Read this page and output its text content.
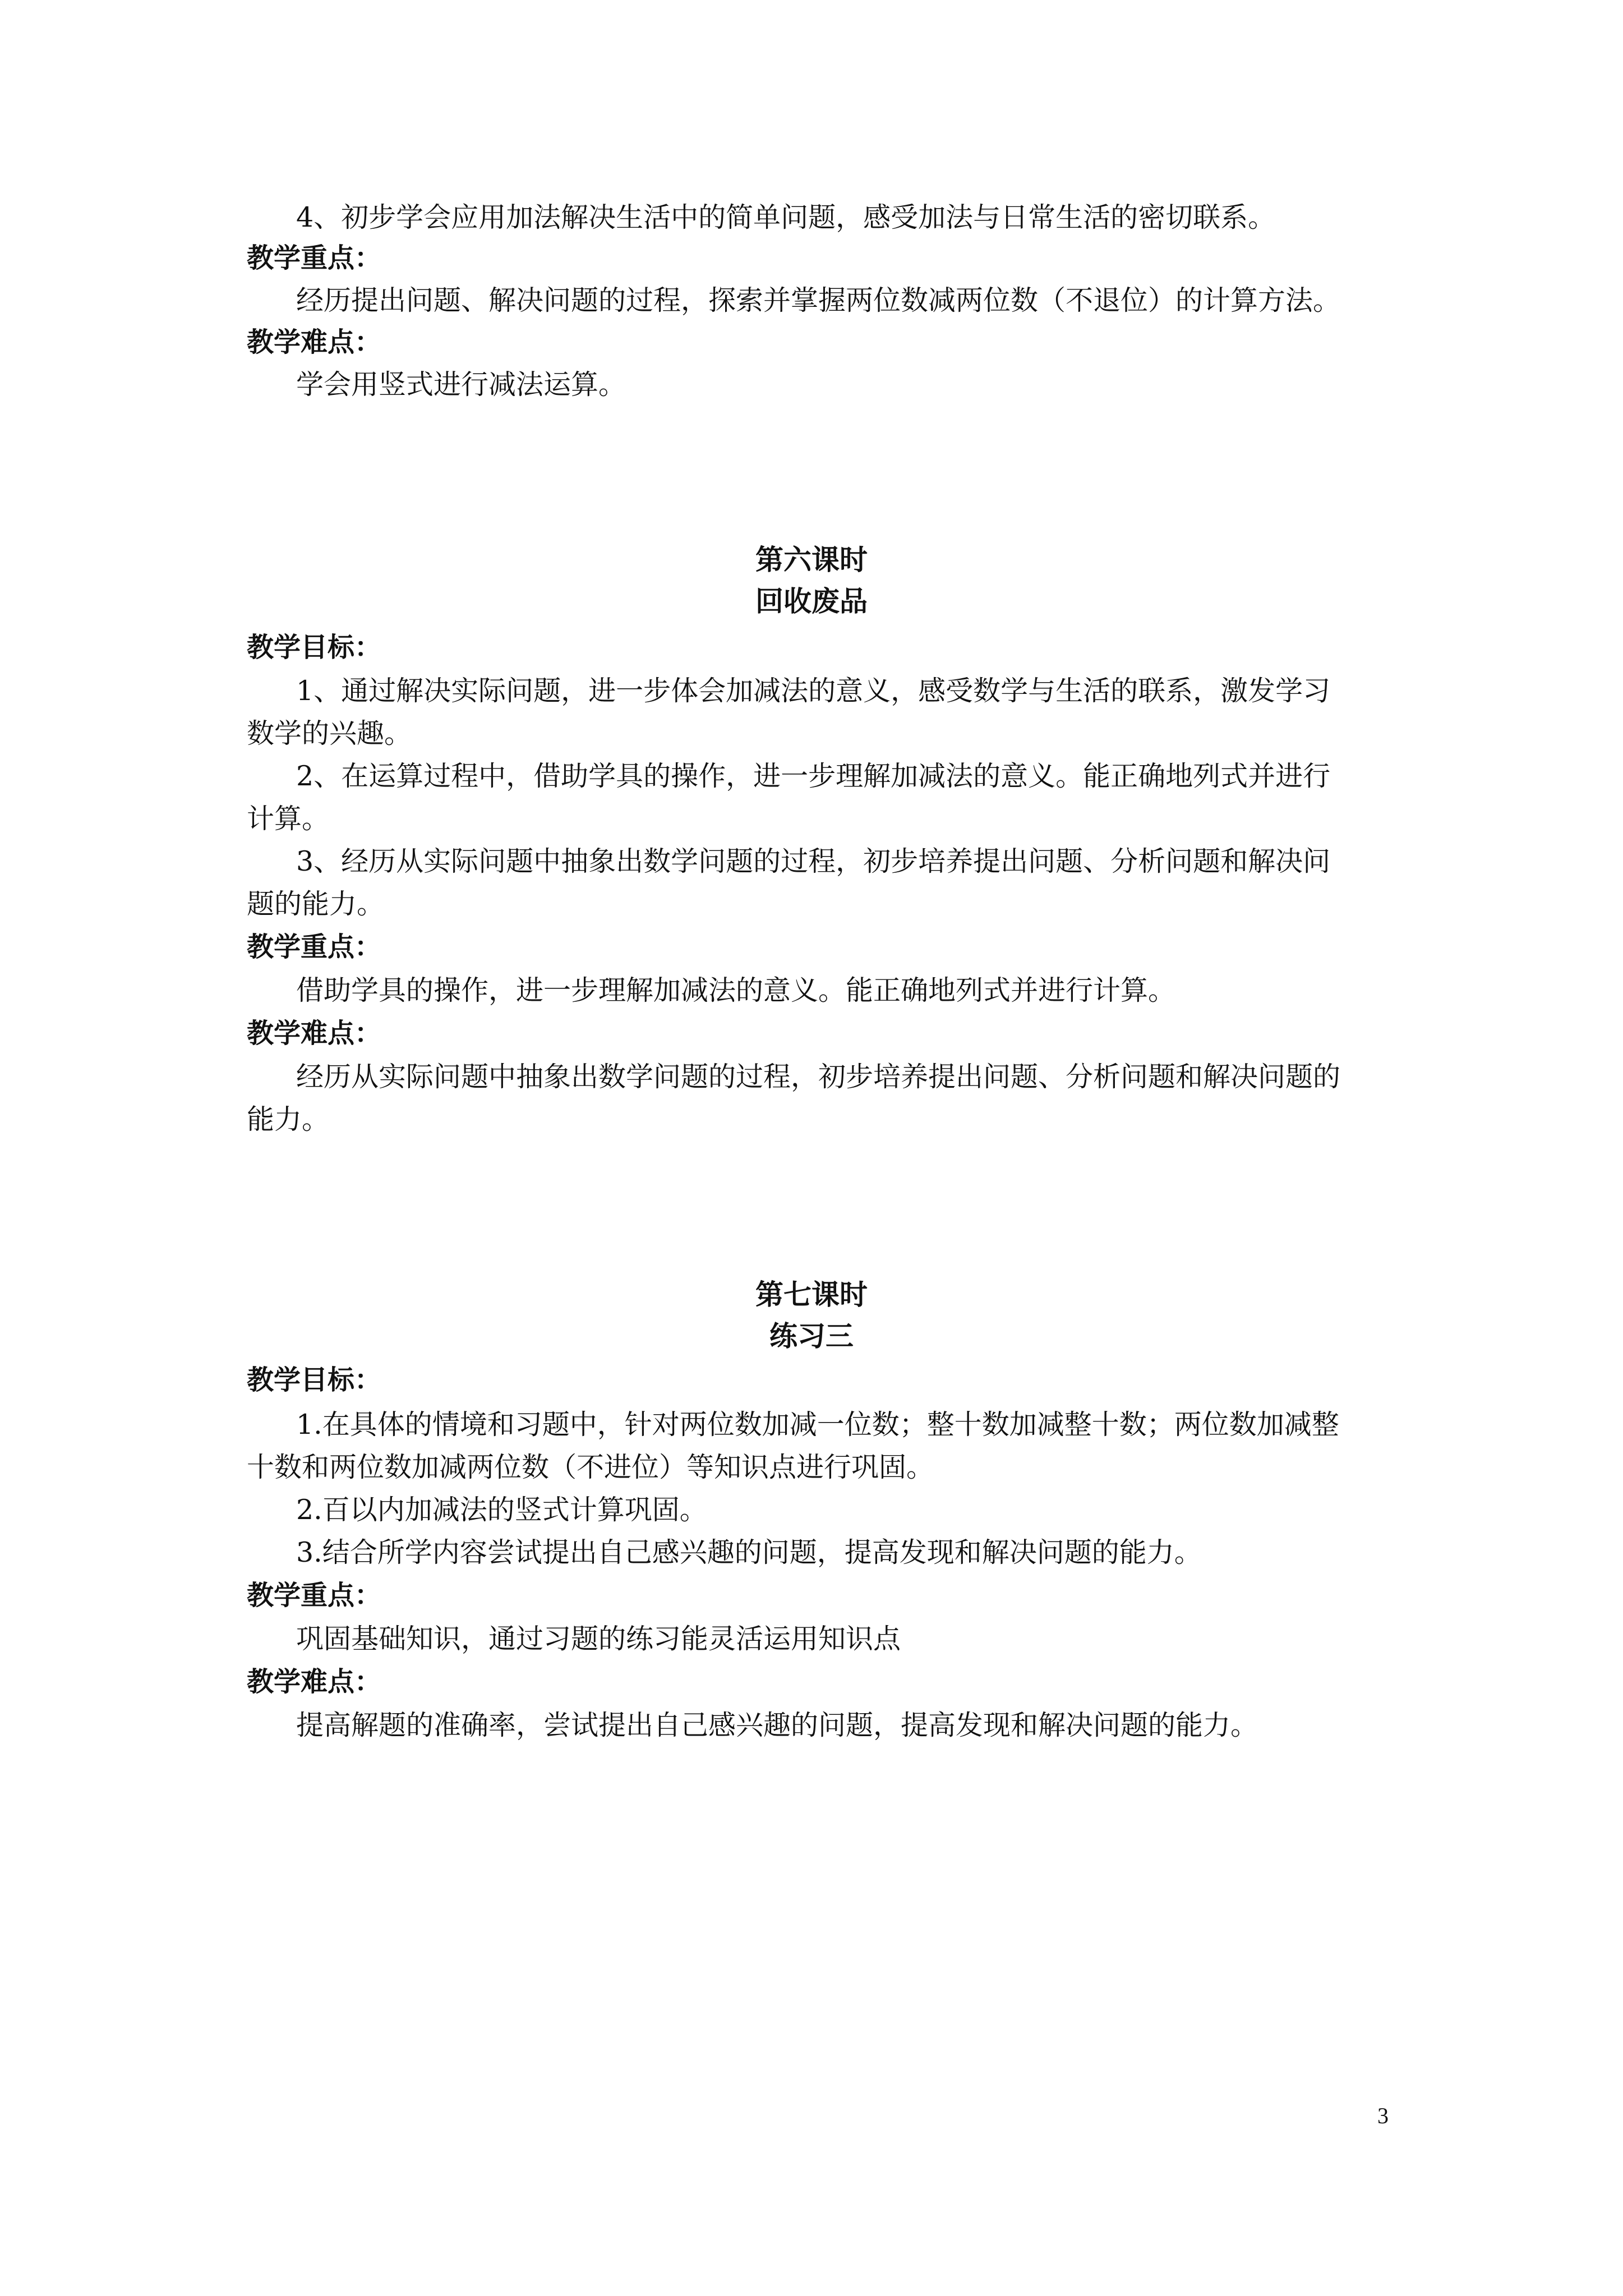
4、初步学会应用加法解决生活中的简单问题，感受加法与日常生活的密切联系。

教学重点：

经历提出问题、解决问题的过程，探索并掌握两位数减两位数（不退位）的计算方法。

教学难点：

学会用竖式进行减法运算。

第六课时

回收废品

教学目标：

1、通过解决实际问题，进一步体会加减法的意义，感受数学与生活的联系，激发学习

数学的兴趣。

2、在运算过程中，借助学具的操作，进一步理解加减法的意义。能正确地列式并进行

计算。

3、经历从实际问题中抽象出数学问题的过程，初步培养提出问题、分析问题和解决问

题的能力。

教学重点：

借助学具的操作，进一步理解加减法的意义。能正确地列式并进行计算。

教学难点：

经历从实际问题中抽象出数学问题的过程，初步培养提出问题、分析问题和解决问题的

能力。

第七课时

练习三

教学目标：

1.在具体的情境和习题中，针对两位数加减一位数；整十数加减整十数；两位数加减整

十数和两位数加减两位数（不进位）等知识点进行巩固。

2.百以内加减法的竖式计算巩固。

3.结合所学内容尝试提出自己感兴趣的问题，提高发现和解决问题的能力。

教学重点：

巩固基础知识，通过习题的练习能灵活运用知识点

教学难点：

提高解题的准确率，尝试提出自己感兴趣的问题，提高发现和解决问题的能力。

3
